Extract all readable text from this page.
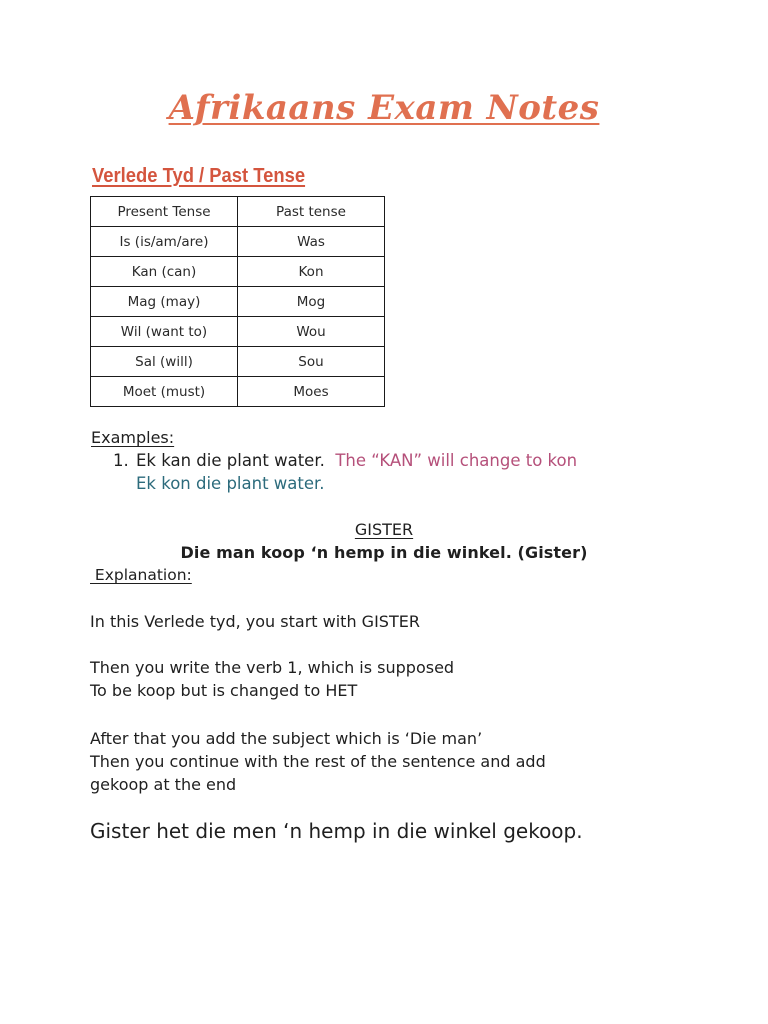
Afrikaans Exam Notes
Verlede Tyd / Past Tense
Present Tense	Past tense
Is (is/am/are)	Was
Kan (can)	Kon
Mag (may)	Mog
Wil (want to)	Wou
Sal (will)	Sou
Moet (must)	Moes
Examples:
1. Ek kan die plant water. The “KAN” will change to kon
Ek kon die plant water.
GISTER
Die man koop ‘n hemp in die winkel. (Gister)
Explanation:
In this Verlede tyd, you start with GISTER
Then you write the verb 1, which is supposed
To be koop but is changed to HET
After that you add the subject which is ‘Die man’
Then you continue with the rest of the sentence and add
gekoop at the end
Gister het die men ‘n hemp in die winkel gekoop.
